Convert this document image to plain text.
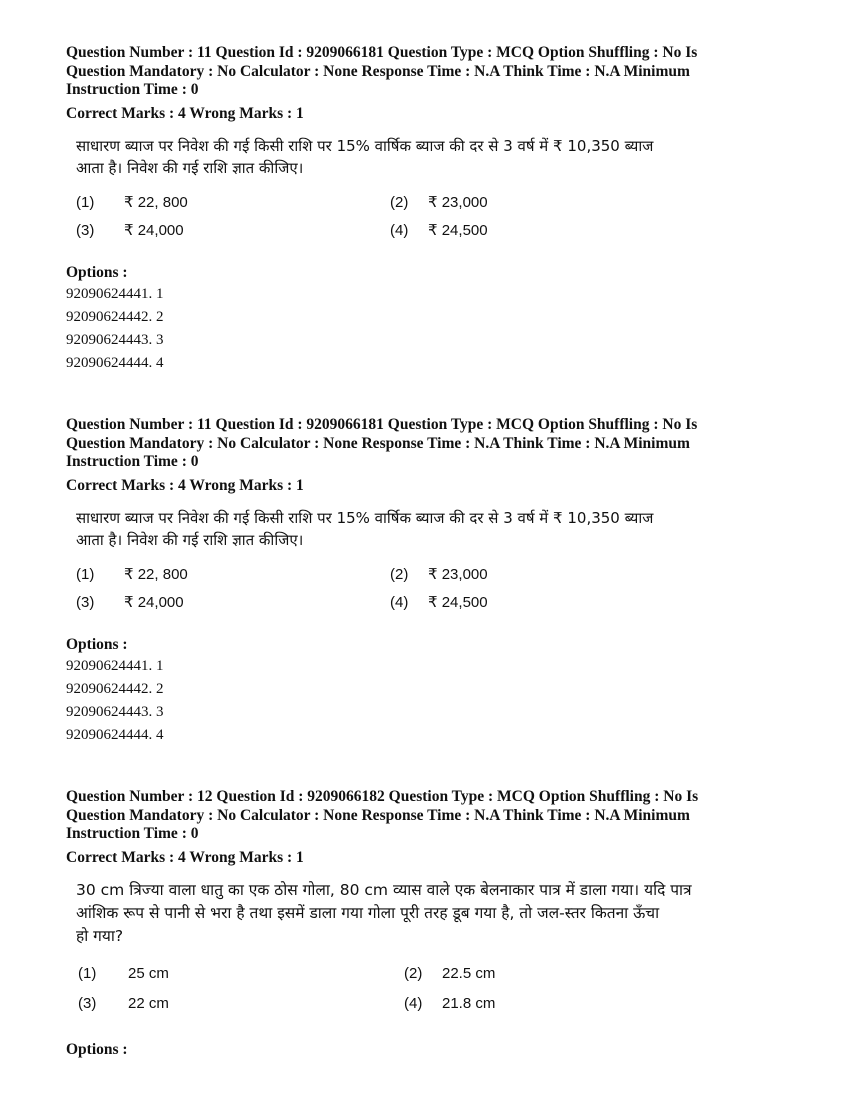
Question Number : 11 Question Id : 9209066181 Question Type : MCQ Option Shuffling : No Is
Question Mandatory : No Calculator : None Response Time : N.A Think Time : N.A Minimum
Instruction Time : 0
Correct Marks : 4 Wrong Marks : 1
साधारण ब्याज पर निवेश की गई किसी राशि पर 15% वार्षिक ब्याज की दर से 3 वर्ष में ₹ 10,350 ब्याज
आता है। निवेश की गई राशि ज्ञात कीजिए।
(1) ₹ 22, 800	(2) ₹ 23,000
(3) ₹ 24,000	(4) ₹ 24,500
Options :
92090624441. 1
92090624442. 2
92090624443. 3
92090624444. 4
Question Number : 11 Question Id : 9209066181 Question Type : MCQ Option Shuffling : No Is
Question Mandatory : No Calculator : None Response Time : N.A Think Time : N.A Minimum
Instruction Time : 0
Correct Marks : 4 Wrong Marks : 1
साधारण ब्याज पर निवेश की गई किसी राशि पर 15% वार्षिक ब्याज की दर से 3 वर्ष में ₹ 10,350 ब्याज
आता है। निवेश की गई राशि ज्ञात कीजिए।
(1) ₹ 22, 800	(2) ₹ 23,000
(3) ₹ 24,000	(4) ₹ 24,500
Options :
92090624441. 1
92090624442. 2
92090624443. 3
92090624444. 4
Question Number : 12 Question Id : 9209066182 Question Type : MCQ Option Shuffling : No Is
Question Mandatory : No Calculator : None Response Time : N.A Think Time : N.A Minimum
Instruction Time : 0
Correct Marks : 4 Wrong Marks : 1
30 cm त्रिज्या वाला धातु का एक ठोस गोला, 80 cm व्यास वाले एक बेलनाकार पात्र में डाला गया। यदि पात्र
आंशिक रूप से पानी से भरा है तथा इसमें डाला गया गोला पूरी तरह डूब गया है, तो जल-स्तर कितना ऊँचा
हो गया?
(1) 25 cm	(2) 22.5 cm
(3) 22 cm	(4) 21.8 cm
Options :
